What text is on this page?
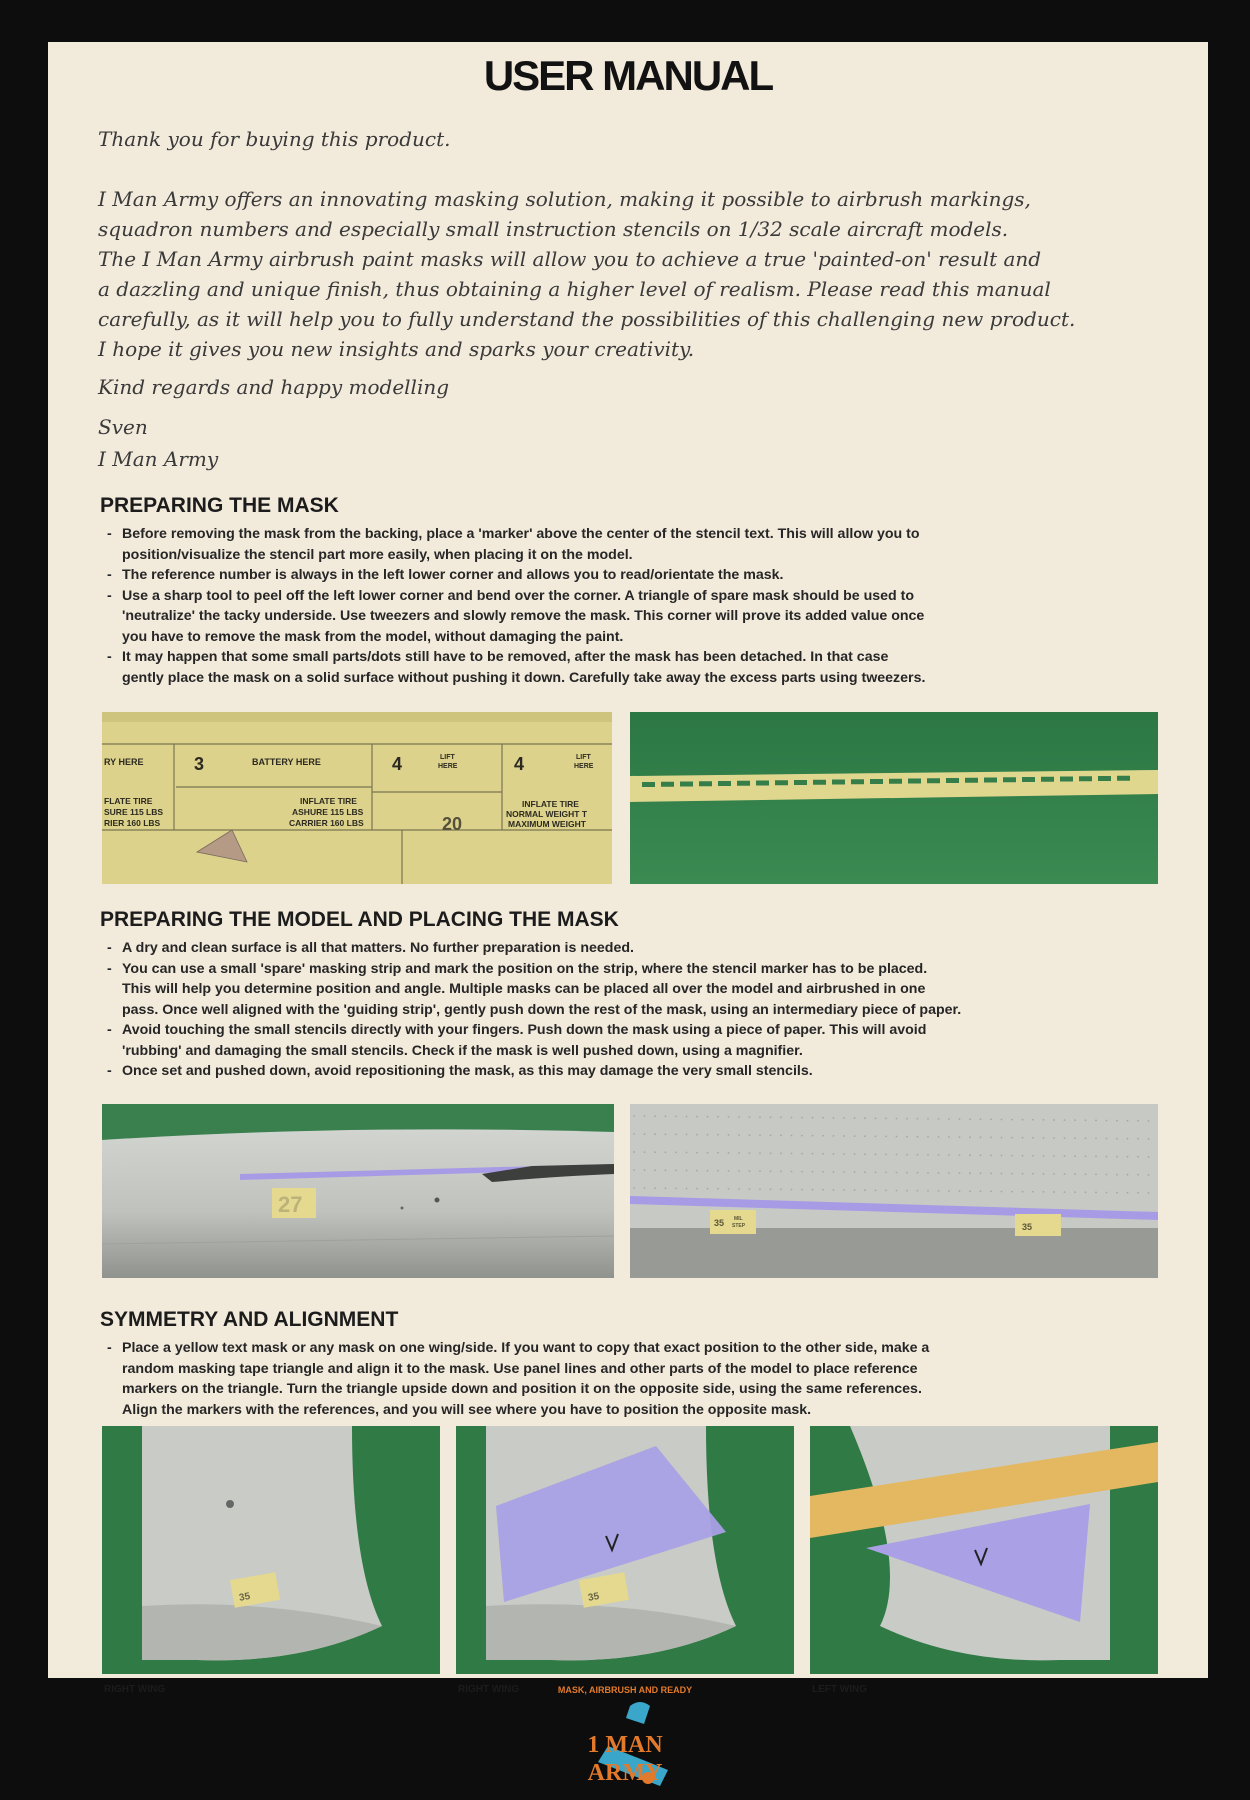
USER MANUAL

Thank you for buying this product.

I Man Army offers an innovating masking solution, making it possible to airbrush markings,

squadron numbers and especially small instruction stencils on 1/32 scale aircraft models.

The I Man Army airbrush paint masks will allow you to achieve a true 'painted-on' result and

a dazzling and unique finish, thus obtaining a higher level of realism. Please read this manual

carefully, as it will help you to fully understand the possibilities of this challenging new product.

I hope it gives you new insights and sparks your creativity.

Kind regards and happy modelling

Sven

I Man Army

PREPARING THE MASK
- Before removing the mask from the backing, place a 'marker' above the center of the stencil text. This will allow you to
position/visualize the stencil part more easily, when placing it on the model.
- The reference number is always in the left lower corner and allows you to read/orientate the mask.
- Use a sharp tool to peel off the left lower corner and bend over the corner. A triangle of spare mask should be used to
'neutralize' the tacky underside. Use tweezers and slowly remove the mask. This corner will prove its added value once
you have to remove the mask from the model, without damaging the paint.
- It may happen that some small parts/dots still have to be removed, after the mask has been detached. In that case
gently place the mask on a solid surface without pushing it down. Carefully take away the excess parts using tweezers.
RY HERE	3	BATTERY HERE	4	LIFT
HERE	4	LIFT
HERE
FLATE TIRE
SURE 115 LBS
RIER 160 LBS
INFLATE TIRE
ASHURE 115 LBS
CARRIER 160 LBS	20
INFLATE TIRE
NORMAL WEIGHT T
MAXIMUM WEIGHT
PREPARING THE MODEL AND PLACING THE MASK
- A dry and clean surface is all that matters. No further preparation is needed.
- You can use a small 'spare' masking strip and mark the position on the strip, where the stencil marker has to be placed.
This will help you determine position and angle. Multiple masks can be placed all over the model and airbrushed in one
pass. Once well aligned with the 'guiding strip', gently push down the rest of the mask, using an intermediary piece of paper.
- Avoid touching the small stencils directly with your fingers. Push down the mask using a piece of paper. This will avoid
'rubbing' and damaging the small stencils. Check if the mask is well pushed down, using a magnifier.
- Once set and pushed down, avoid repositioning the mask, as this may damage the very small stencils.
27
35 MIL
STEP	35
SYMMETRY AND ALIGNMENT
- Place a yellow text mask or any mask on one wing/side. If you want to copy that exact position to the other side, make a
random masking tape triangle and align it to the mask. Use panel lines and other parts of the model to place reference
markers on the triangle. Turn the triangle upside down and position it on the opposite side, using the same references.
Align the markers with the references, and you will see where you have to position the opposite mask.
35

RIGHT WING

35

RIGHT WING	LEFT WING

MASK, AIRBRUSH AND READY
1 MAN
ARMY
